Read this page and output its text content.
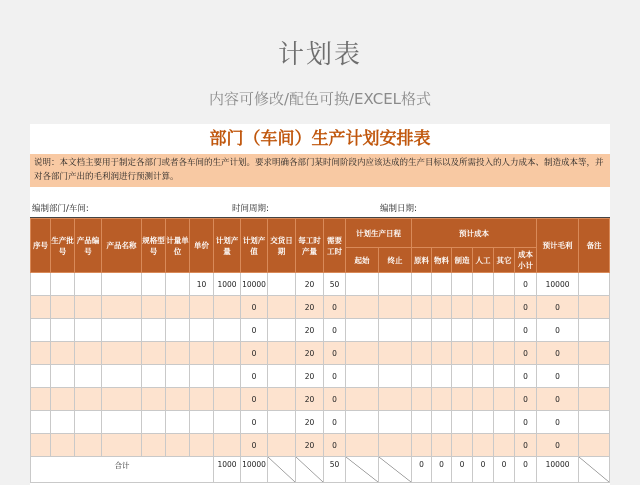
计划表
内容可修改/配色可换/EXCEL格式
部门（车间）生产计划安排表
说明：本文档主要用于制定各部门或者各车间的生产计划。要求明确各部门某时间阶段内应该达成的生产目标以及所需投入的人力成本、制造成本等，并对各部门产出的毛利润进行预测计算。
编制部门/车间:	时间周期:	编制日期:
序号	生产批号	产品编号	产品名称	规格型号	计量单位	单价	计划产量	计划产值	交货日期	每工时产量	需要工时	计划生产日程		预计成本						预计毛利	备注
												起始	终止	原料	物料	制造	人工	其它	成本小计		
						10	1000	10000		20	50								0	10000	
								0		20	0								0	0	
								0		20	0								0	0	
								0		20	0								0	0	
								0		20	0								0	0	
								0		20	0								0	0	
								0		20	0								0	0	
								0		20	0								0	0	
合计							1000	10000			50			0	0	0	0	0	0	10000	
